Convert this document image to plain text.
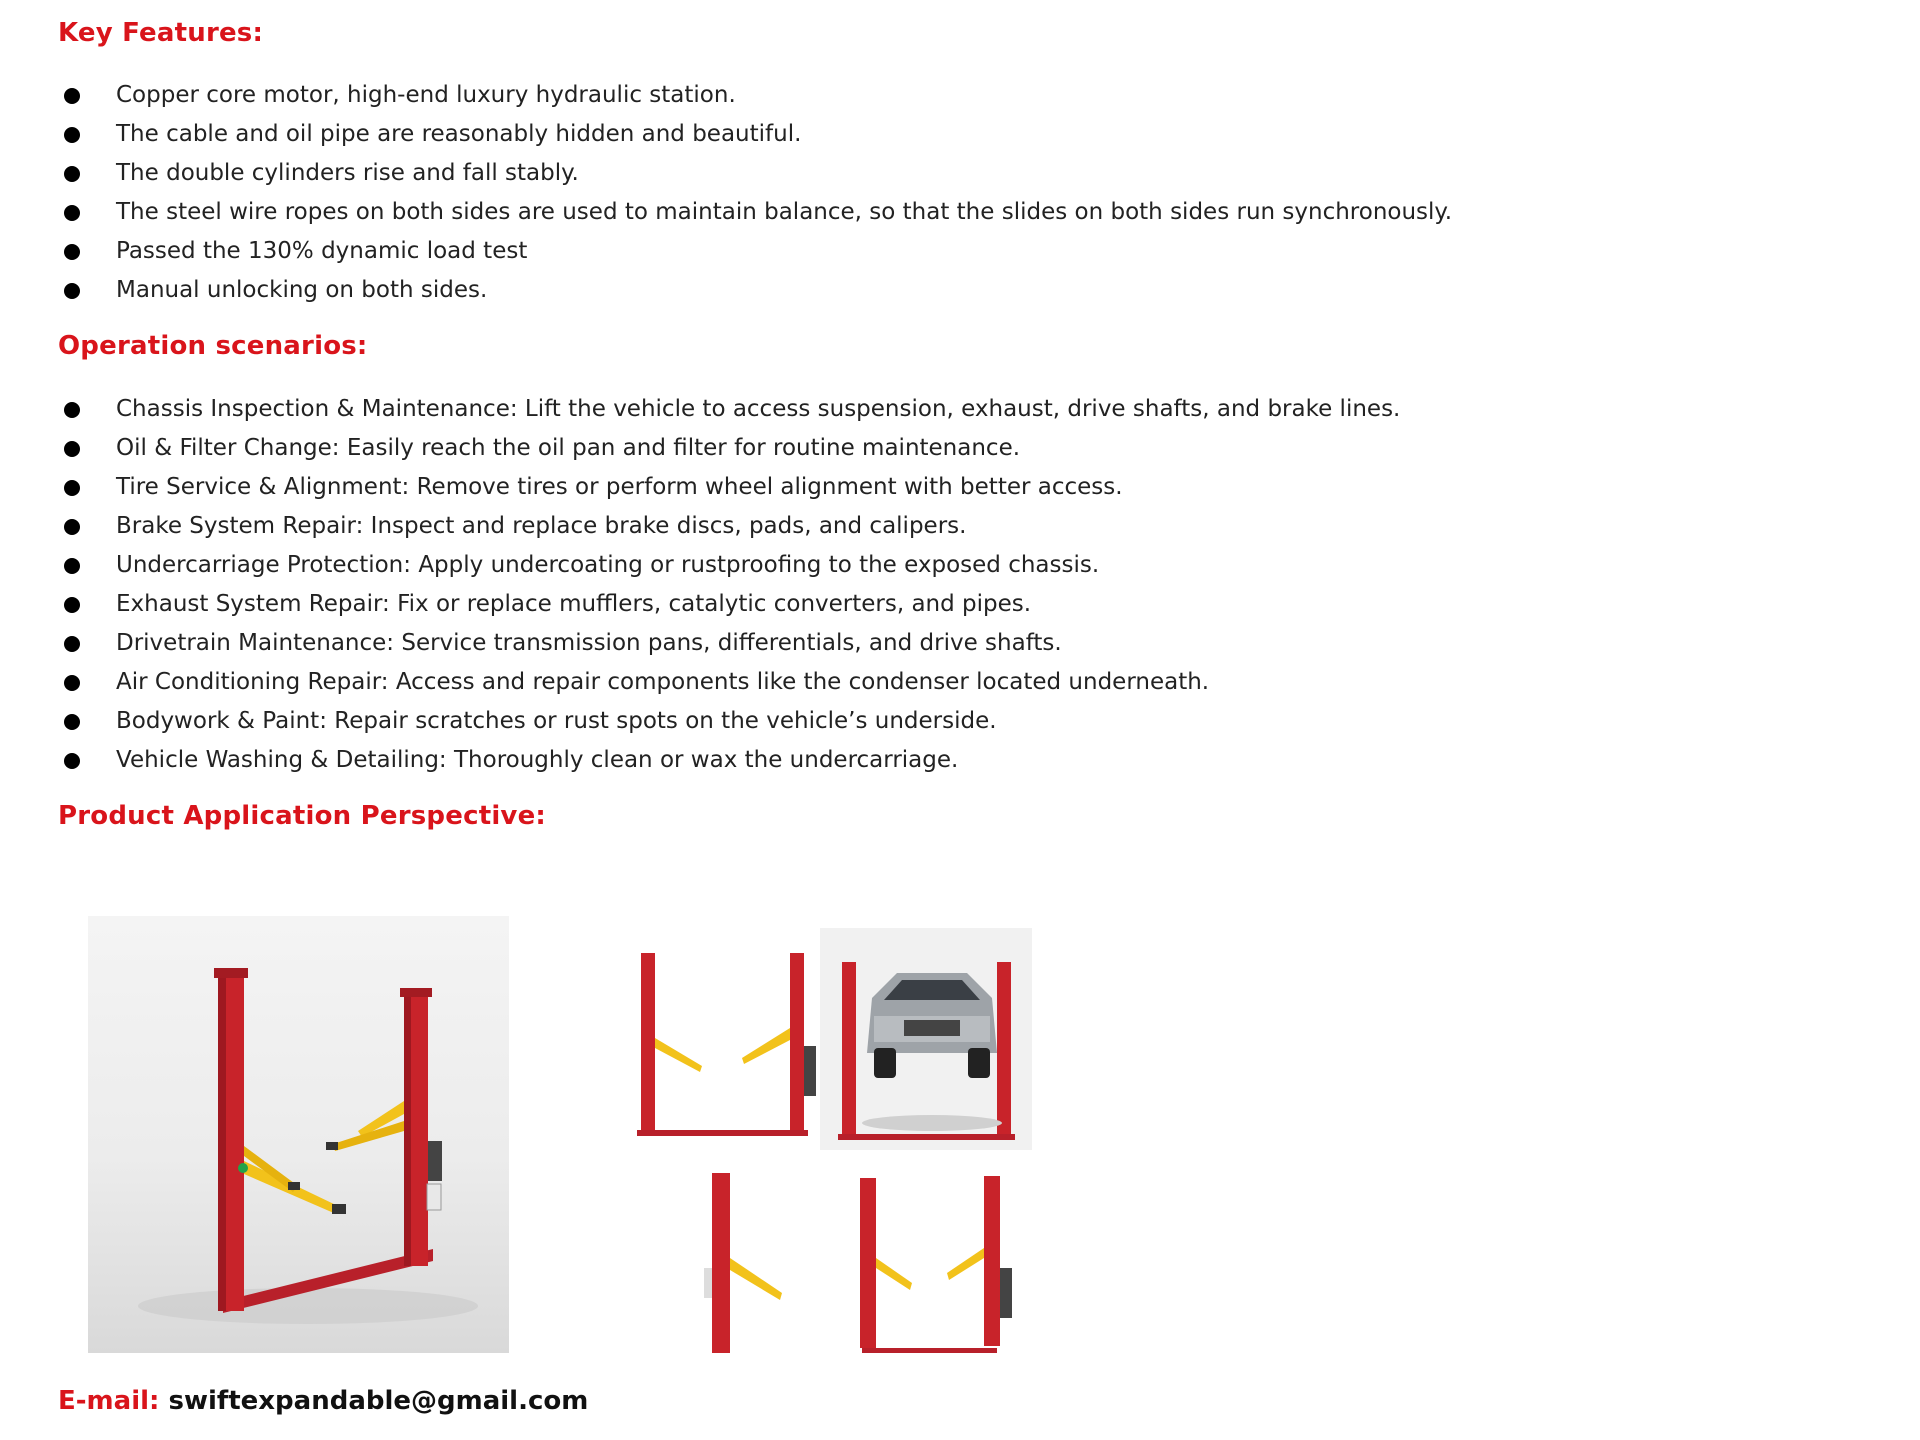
Key Features:
Copper core motor, high-end luxury hydraulic station.
The cable and oil pipe are reasonably hidden and beautiful.
The double cylinders rise and fall stably.
The steel wire ropes on both sides are used to maintain balance, so that the slides on both sides run synchronously.
Passed the 130% dynamic load test
Manual unlocking on both sides.
Operation scenarios:
Chassis Inspection & Maintenance: Lift the vehicle to access suspension, exhaust, drive shafts, and brake lines.
Oil & Filter Change: Easily reach the oil pan and filter for routine maintenance.
Tire Service & Alignment: Remove tires or perform wheel alignment with better access.
Brake System Repair: Inspect and replace brake discs, pads, and calipers.
Undercarriage Protection: Apply undercoating or rustproofing to the exposed chassis.
Exhaust System Repair: Fix or replace mufflers, catalytic converters, and pipes.
Drivetrain Maintenance: Service transmission pans, differentials, and drive shafts.
Air Conditioning Repair: Access and repair components like the condenser located underneath.
Bodywork & Paint: Repair scratches or rust spots on the vehicle’s underside.
Vehicle Washing & Detailing: Thoroughly clean or wax the undercarriage.
Product Application Perspective:
E-mail: swiftexpandable@gmail.com
